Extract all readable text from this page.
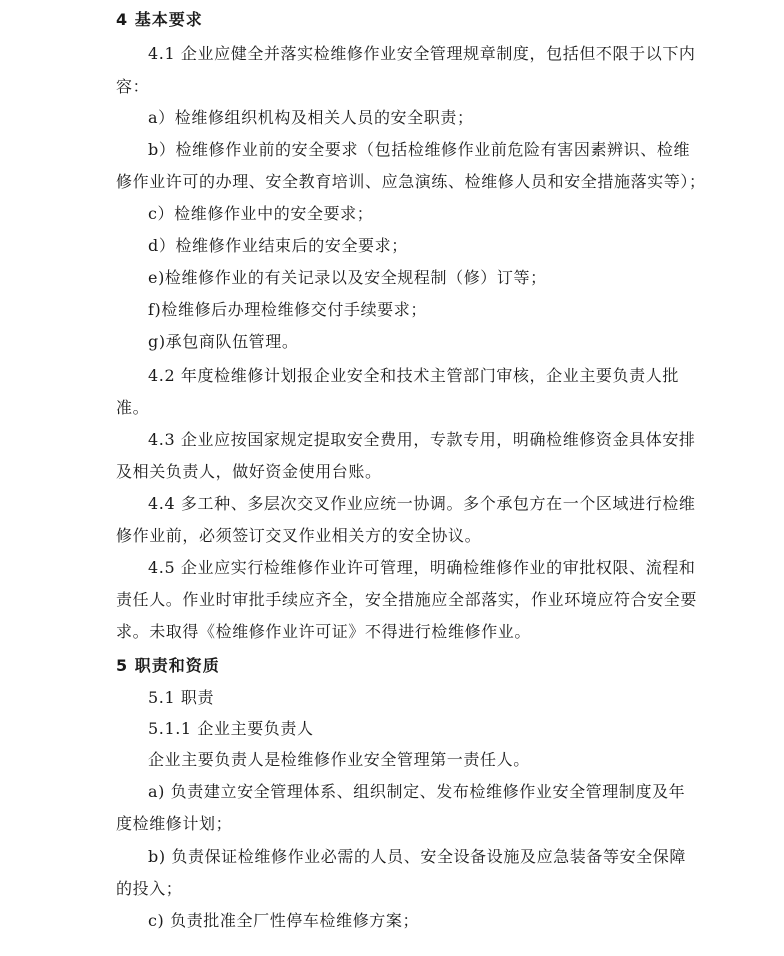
4 基本要求
4.1 企业应健全并落实检维修作业安全管理规章制度，包括但不限于以下内
容：
a）检维修组织机构及相关人员的安全职责；
b）检维修作业前的安全要求（包括检维修作业前危险有害因素辨识、检维
修作业许可的办理、安全教育培训、应急演练、检维修人员和安全措施落实等）；
c）检维修作业中的安全要求；
d）检维修作业结束后的安全要求；
e)检维修作业的有关记录以及安全规程制（修）订等；
f)检维修后办理检维修交付手续要求；
g)承包商队伍管理。
4.2 年度检维修计划报企业安全和技术主管部门审核，企业主要负责人批
准。
4.3 企业应按国家规定提取安全费用，专款专用，明确检维修资金具体安排
及相关负责人，做好资金使用台账。
4.4 多工种、多层次交叉作业应统一协调。多个承包方在一个区域进行检维
修作业前，必须签订交叉作业相关方的安全协议。
4.5 企业应实行检维修作业许可管理，明确检维修作业的审批权限、流程和
责任人。作业时审批手续应齐全，安全措施应全部落实，作业环境应符合安全要
求。未取得《检维修作业许可证》不得进行检维修作业。
5 职责和资质
5.1 职责
5.1.1 企业主要负责人
企业主要负责人是检维修作业安全管理第一责任人。
a) 负责建立安全管理体系、组织制定、发布检维修作业安全管理制度及年
度检维修计划；
b) 负责保证检维修作业必需的人员、安全设备设施及应急装备等安全保障
的投入；
c) 负责批准全厂性停车检维修方案；
